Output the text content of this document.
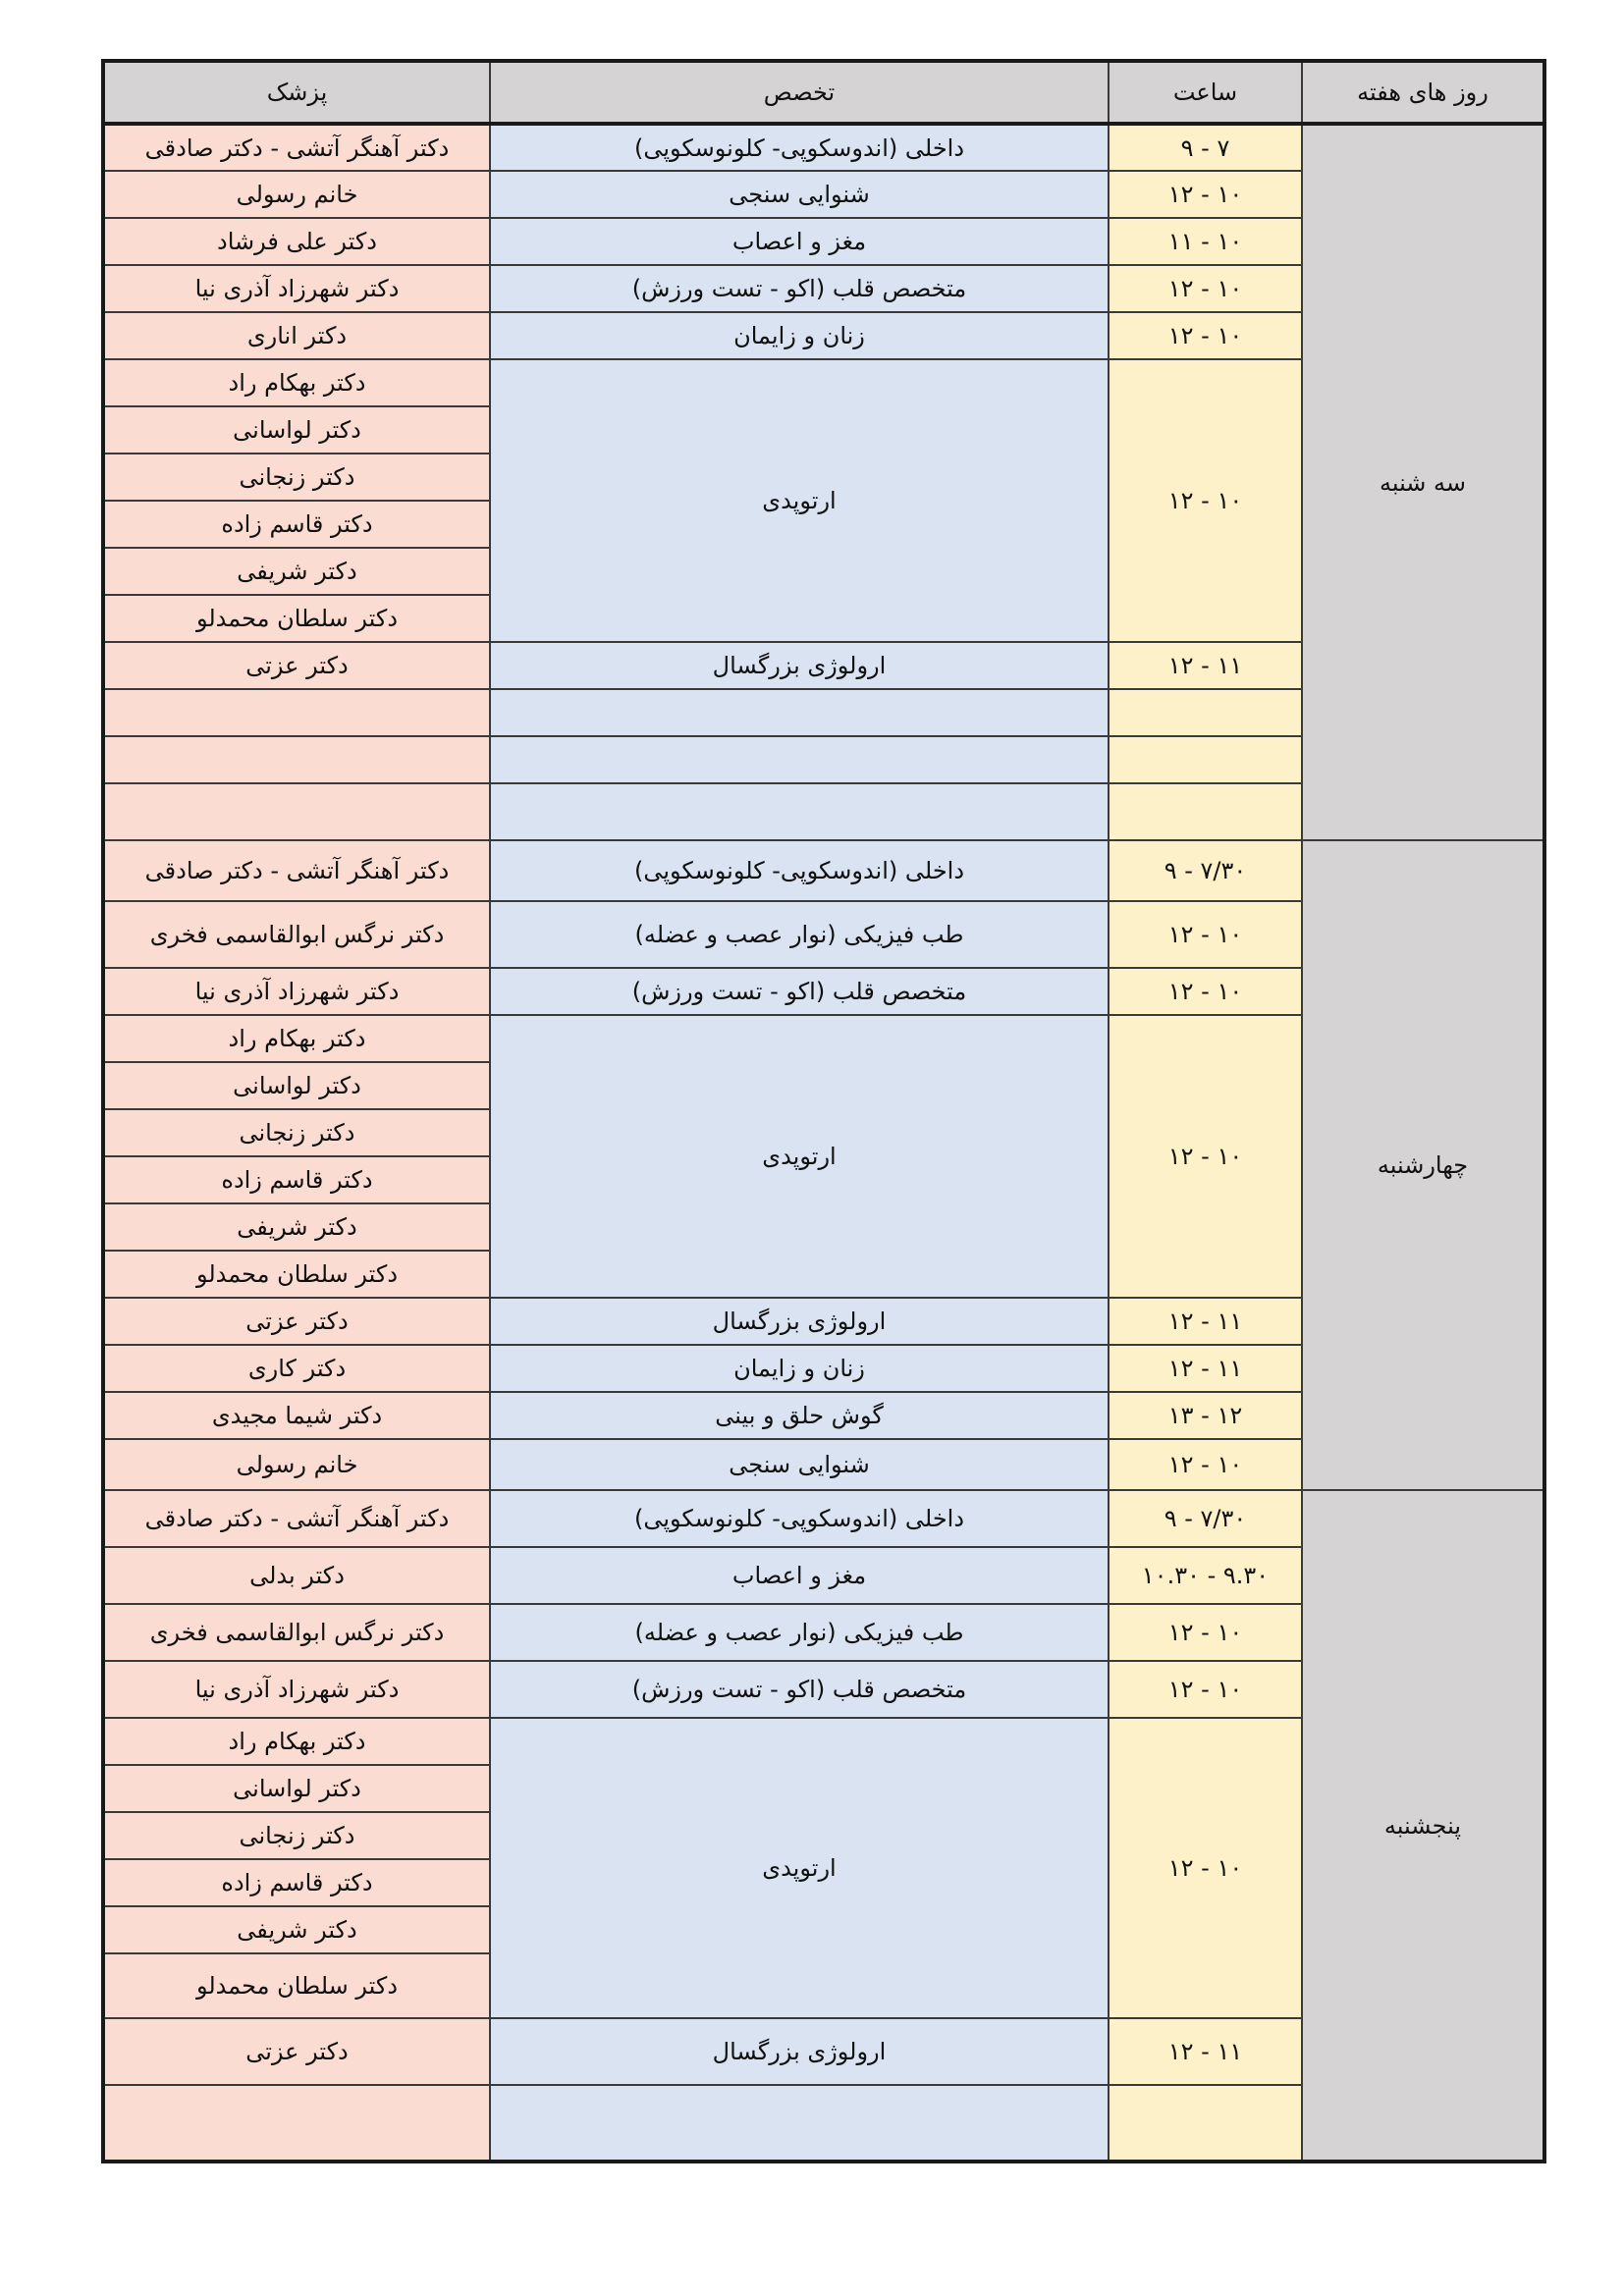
پزشک	تخصص	ساعت	روز های هفته
دکتر آهنگر آتشی - دکتر صادقی	داخلی (اندوسکوپی- کلونوسکوپی)	۹ - ۷	سه شنبه
خانم رسولی	شنوایی سنجی	۱۲ - ۱۰	
دکتر علی فرشاد	مغز و اعصاب	۱۱ - ۱۰	
دکتر شهرزاد آذری نیا	متخصص قلب (اکو - تست ورزش)	۱۲ - ۱۰	
دکتر اناری	زنان و زایمان	۱۲ - ۱۰	
دکتر بهکام راد	ارتوپدی	۱۲ - ۱۰	
دکتر لواسانی			
دکتر زنجانی			
دکتر قاسم زاده			
دکتر شریفی			
دکتر سلطان محمدلو			
دکتر عزتی	ارولوژی بزرگسال	۱۲ - ۱۱	

دکتر آهنگر آتشی - دکتر صادقی	داخلی (اندوسکوپی- کلونوسکوپی)	۹ - ۷/۳۰	چهارشنبه
دکتر نرگس ابوالقاسمی فخری	طب فیزیکی (نوار عصب و عضله)	۱۲ - ۱۰	
دکتر شهرزاد آذری نیا	متخصص قلب (اکو - تست ورزش)	۱۲ - ۱۰	
دکتر بهکام راد	ارتوپدی	۱۲ - ۱۰	
دکتر لواسانی			
دکتر زنجانی			
دکتر قاسم زاده			
دکتر شریفی			
دکتر سلطان محمدلو			
دکتر عزتی	ارولوژی بزرگسال	۱۲ - ۱۱	
دکتر کاری	زنان و زایمان	۱۲ - ۱۱	
دکتر شیما مجیدی	گوش حلق و بینی	۱۳ - ۱۲	
خانم رسولی	شنوایی سنجی	۱۲ - ۱۰	
دکتر آهنگر آتشی - دکتر صادقی	داخلی (اندوسکوپی- کلونوسکوپی)	۹ - ۷/۳۰	پنجشنبه
دکتر بدلی	مغز و اعصاب	۱۰.۳۰ - ۹.۳۰	
دکتر نرگس ابوالقاسمی فخری	طب فیزیکی (نوار عصب و عضله)	۱۲ - ۱۰	
دکتر شهرزاد آذری نیا	متخصص قلب (اکو - تست ورزش)	۱۲ - ۱۰	
دکتر بهکام راد	ارتوپدی	۱۲ - ۱۰	
دکتر لواسانی			
دکتر زنجانی			
دکتر قاسم زاده			
دکتر شریفی			
دکتر سلطان محمدلو			
دکتر عزتی	ارولوژی بزرگسال	۱۲ - ۱۱	
